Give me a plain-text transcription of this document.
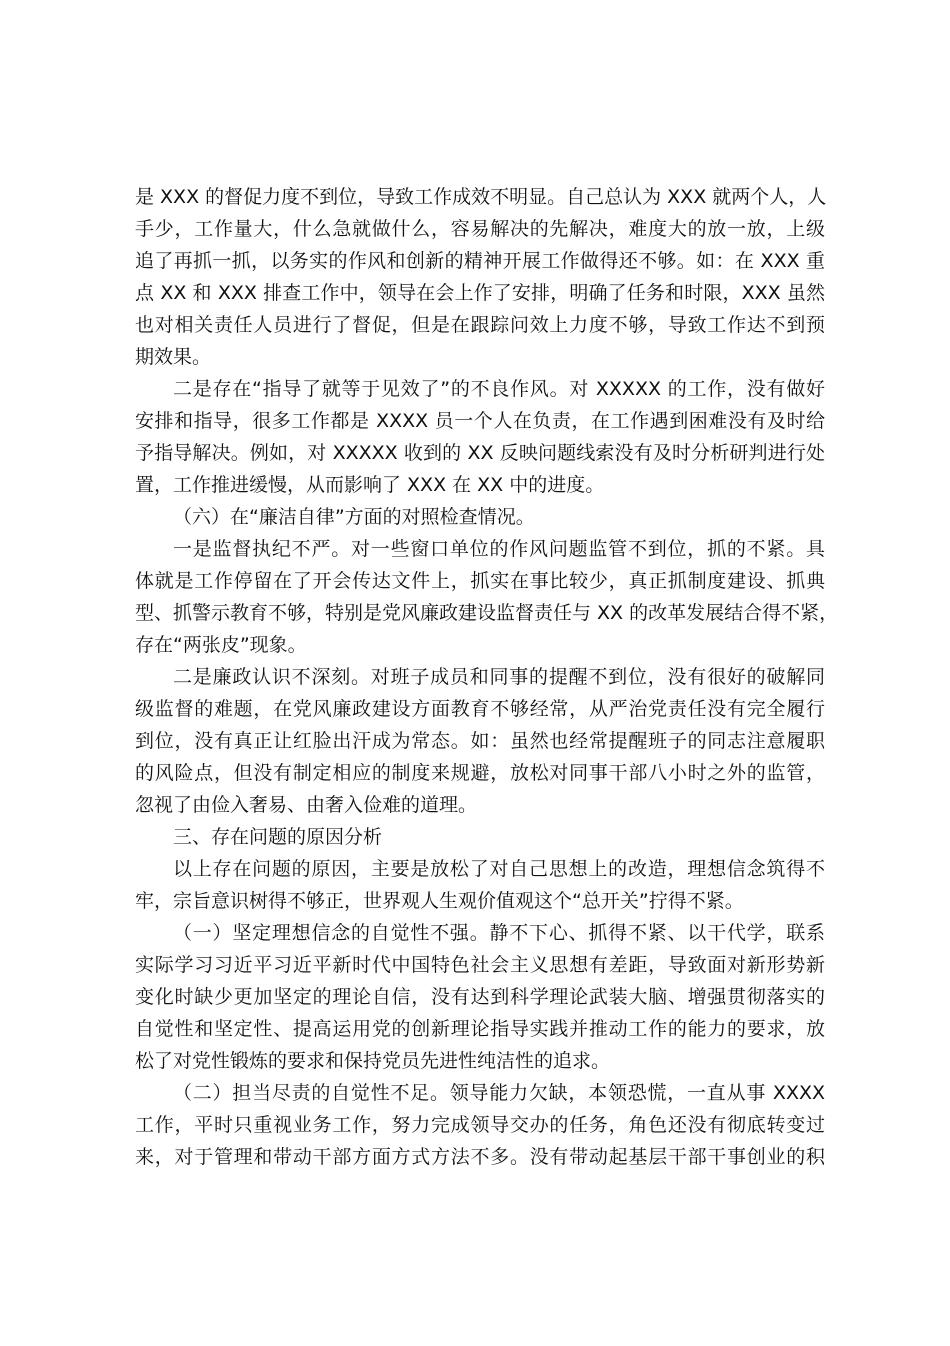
是 XXX 的督促力度不到位，导致工作成效不明显。自己总认为 XXX 就两个人，人
手少，工作量大，什么急就做什么，容易解决的先解决，难度大的放一放，上级
追了再抓一抓，以务实的作风和创新的精神开展工作做得还不够。如：在 XXX 重
点 XX 和 XXX 排查工作中，领导在会上作了安排，明确了任务和时限，XXX 虽然
也对相关责任人员进行了督促，但是在跟踪问效上力度不够，导致工作达不到预
期效果。
二是存在“指导了就等于见效了”的不良作风。对 XXXXX 的工作，没有做好
安排和指导，很多工作都是 XXXX 员一个人在负责，在工作遇到困难没有及时给
予指导解决。例如，对 XXXXX 收到的 XX 反映问题线索没有及时分析研判进行处
置，工作推进缓慢，从而影响了 XXX 在 XX 中的进度。
（六）在“廉洁自律”方面的对照检查情况。
一是监督执纪不严。对一些窗口单位的作风问题监管不到位，抓的不紧。具
体就是工作停留在了开会传达文件上，抓实在事比较少，真正抓制度建设、抓典
型、抓警示教育不够，特别是党风廉政建设监督责任与 XX 的改革发展结合得不紧，
存在“两张皮”现象。
二是廉政认识不深刻。对班子成员和同事的提醒不到位，没有很好的破解同
级监督的难题，在党风廉政建设方面教育不够经常，从严治党责任没有完全履行
到位，没有真正让红脸出汗成为常态。如：虽然也经常提醒班子的同志注意履职
的风险点，但没有制定相应的制度来规避，放松对同事干部八小时之外的监管，
忽视了由俭入奢易、由奢入俭难的道理。
三、存在问题的原因分析
以上存在问题的原因，主要是放松了对自己思想上的改造，理想信念筑得不
牢，宗旨意识树得不够正，世界观人生观价值观这个“总开关”拧得不紧。
（一）坚定理想信念的自觉性不强。静不下心、抓得不紧、以干代学，联系
实际学习习近平习近平新时代中国特色社会主义思想有差距，导致面对新形势新
变化时缺少更加坚定的理论自信，没有达到科学理论武装大脑、增强贯彻落实的
自觉性和坚定性、提高运用党的创新理论指导实践并推动工作的能力的要求，放
松了对党性锻炼的要求和保持党员先进性纯洁性的追求。
（二）担当尽责的自觉性不足。领导能力欠缺，本领恐慌，一直从事 XXXX
工作，平时只重视业务工作，努力完成领导交办的任务，角色还没有彻底转变过
来，对于管理和带动干部方面方式方法不多。没有带动起基层干部干事创业的积
